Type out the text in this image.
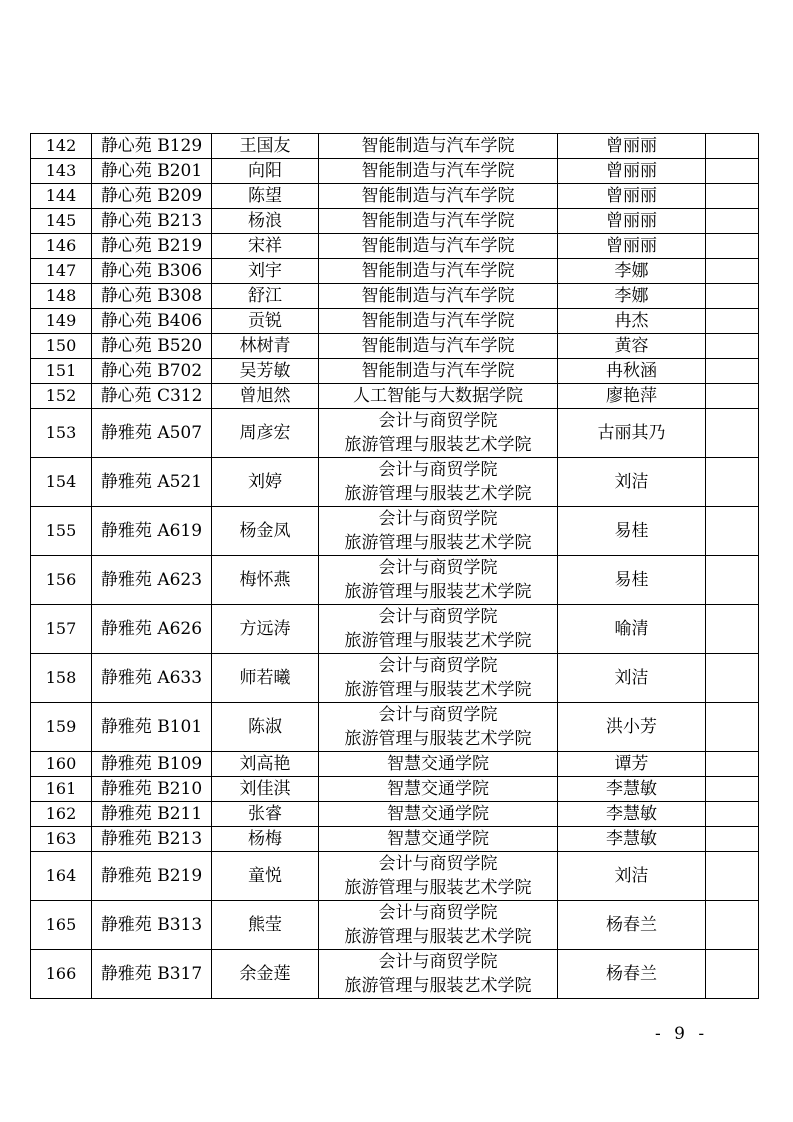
142	静心苑 B129	王国友	智能制造与汽车学院	曾丽丽	
143	静心苑 B201	向阳	智能制造与汽车学院	曾丽丽	
144	静心苑 B209	陈望	智能制造与汽车学院	曾丽丽	
145	静心苑 B213	杨浪	智能制造与汽车学院	曾丽丽	
146	静心苑 B219	宋祥	智能制造与汽车学院	曾丽丽	
147	静心苑 B306	刘宇	智能制造与汽车学院	李娜	
148	静心苑 B308	舒江	智能制造与汽车学院	李娜	
149	静心苑 B406	贡锐	智能制造与汽车学院	冉杰	
150	静心苑 B520	林树青	智能制造与汽车学院	黄容	
151	静心苑 B702	吴芳敏	智能制造与汽车学院	冉秋涵	
152	静心苑 C312	曾旭然	人工智能与大数据学院	廖艳萍	
153	静雅苑 A507	周彦宏	会计与商贸学院
旅游管理与服装艺术学院	古丽其乃	
154	静雅苑 A521	刘婷	会计与商贸学院
旅游管理与服装艺术学院	刘洁	
155	静雅苑 A619	杨金凤	会计与商贸学院
旅游管理与服装艺术学院	易桂	
156	静雅苑 A623	梅怀燕	会计与商贸学院
旅游管理与服装艺术学院	易桂	
157	静雅苑 A626	方远涛	会计与商贸学院
旅游管理与服装艺术学院	喻清	
158	静雅苑 A633	师若曦	会计与商贸学院
旅游管理与服装艺术学院	刘洁	
159	静雅苑 B101	陈淑	会计与商贸学院
旅游管理与服装艺术学院	洪小芳	
160	静雅苑 B109	刘高艳	智慧交通学院	谭芳	
161	静雅苑 B210	刘佳淇	智慧交通学院	李慧敏	
162	静雅苑 B211	张睿	智慧交通学院	李慧敏	
163	静雅苑 B213	杨梅	智慧交通学院	李慧敏	
164	静雅苑 B219	童悦	会计与商贸学院
旅游管理与服装艺术学院	刘洁	
165	静雅苑 B313	熊莹	会计与商贸学院
旅游管理与服装艺术学院	杨春兰	
166	静雅苑 B317	余金莲	会计与商贸学院
旅游管理与服装艺术学院	杨春兰	
- 9 -
